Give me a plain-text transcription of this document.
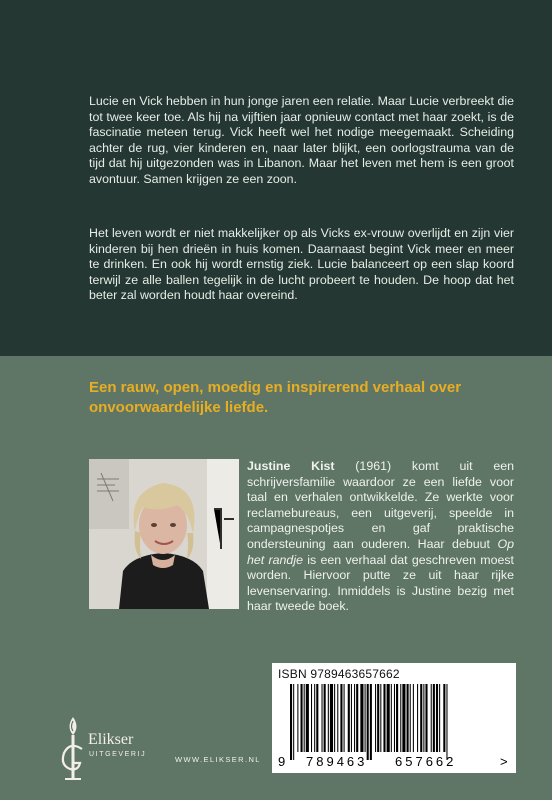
Lucie en Vick hebben in hun jonge jaren een relatie. Maar Lucie verbreekt die tot twee keer toe. Als hij na vijftien jaar opnieuw contact met haar zoekt, is de fascinatie meteen terug. Vick heeft wel het nodige meegemaakt. Scheiding achter de rug, vier kinderen en, naar later blijkt, een oorlogstrauma van de tijd dat hij uitgezonden was in Libanon. Maar het leven met hem is een groot avontuur. Samen krijgen ze een zoon.

Het leven wordt er niet makkelijker op als Vicks ex-vrouw overlijdt en zijn vier kinderen bij hen drieën in huis komen. Daarnaast begint Vick meer en meer te drinken. En ook hij wordt ernstig ziek. Lucie balanceert op een slap koord terwijl ze alle ballen tegelijk in de lucht probeert te houden. De hoop dat het beter zal worden houdt haar overeind.

Een rauw, open, moedig en inspirerend verhaal over onvoorwaardelijke liefde.

Justine Kist (1961) komt uit een schrijversfamilie waardoor ze een liefde voor taal en verhalen ontwikkelde. Ze werkte voor reclamebureaus, een uitgeverij, speelde in campagnespotjes en gaf praktische ondersteuning aan ouderen. Haar debuut Op het randje is een verhaal dat geschreven moest worden. Hiervoor putte ze uit haar rijke levenservaring. Inmiddels is Justine bezig met haar tweede boek.

Elikser
UITGEVERIJ
WWW.ELIKSER.NL
ISBN 9789463657662
9 789463 657662	>
